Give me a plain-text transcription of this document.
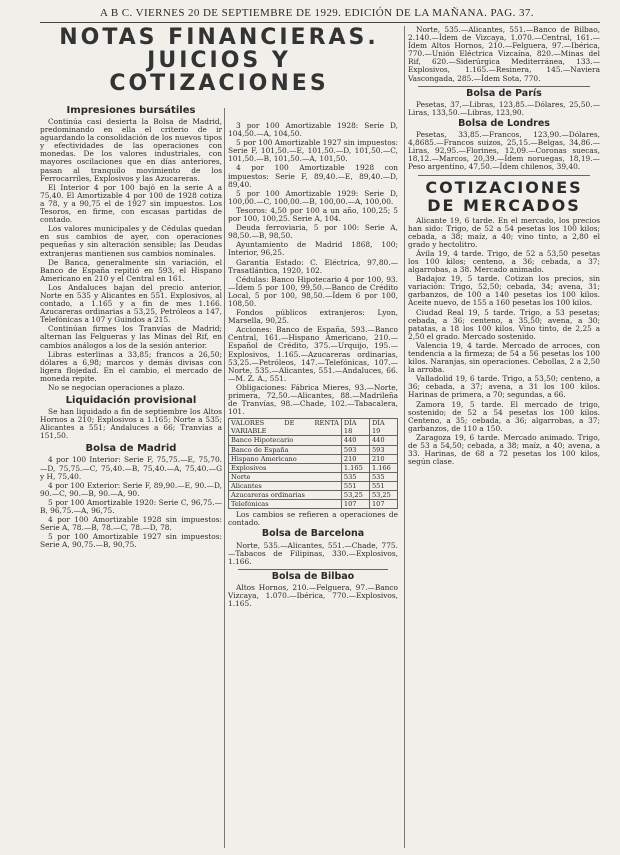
A B C. VIERNES 20 DE SEPTIEMBRE DE 1929. EDICIÓN DE LA MAÑANA. PAG. 37.
NOTAS FINANCIERAS. JUICIOS Y COTIZACIONES
Impresiones bursátiles

Continúa casi desierta la Bolsa de Madrid, predominando en ella el criterio de ir aguardando la consolidación de los nuevos tipos y efectividades de las operaciones con monedas. De los valores industriales, con mayores oscilaciones que en días anteriores, pasan al tranquilo movimiento de los Ferrocarriles, Explosivos y las Azucareras.

El Interior 4 por 100 bajó en la serie A a 75,40. El Amortizable 4 por 100 de 1928 cotiza a 78, y a 90,75 el de 1927 sin impuestos. Los Tesoros, en firme, con escasas partidas de contado.

Los valores municipales y de Cédulas quedan en sus cambios de ayer, con operaciones pequeñas y sin alteración sensible; las Deudas extranjeras mantienen sus cambios nominales.

De Banca, generalmente sin variación, el Banco de España repitió en 593, el Hispano Americano en 210 y el Central en 161.

Los Andaluces bajan del precio anterior, Norte en 535 y Alicantes en 551. Explosivos, al contado, a 1.165 y a fin de mes 1.166. Azucareras ordinarias a 53,25, Petróleos a 147, Telefónicas a 107 y Guindos a 215.

Continúan firmes los Tranvías de Madrid; alternan las Felgueras y las Minas del Rif, en cambios análogos a los de la sesión anterior.

Libras esterlinas a 33,85; francos a 26,50; dólares a 6,98; marcos y demás divisas con ligera flojedad. En el cambio, el mercado de moneda repite.

No se negocian operaciones a plazo.

Liquidación provisional

Se han liquidado a fin de septiembre los Altos Hornos a 210; Explosivos a 1.165; Norte a 535; Alicantes a 551; Andaluces a 66; Tranvías a 151,50.

Bolsa de Madrid

4 por 100 Interior: Serie F, 75,75.—E, 75,70.—D, 75,75.—C, 75,40.—B, 75,40.—A, 75,40.—G y H, 75,40.

4 por 100 Exterior: Serie F, 89,90.—E, 90.—D, 90.—C, 90.—B, 90.—A, 90.

5 por 100 Amortizable 1920: Serie C, 96,75.—B, 96,75.—A, 96,75.

4 por 100 Amortizable 1928 sin impuestos: Serie A, 78.—B, 78.—C, 78.—D, 78.

5 por 100 Amortizable 1927 sin impuestos: Serie A, 90,75.—B, 90,75.

3 por 100 Amortizable 1928: Serie D, 104,50.—A, 104,50.

5 por 100 Amortizable 1927 sin impuestos: Serie F, 101,50.—E, 101,50.—D, 101,50.—C, 101,50.—B, 101,50.—A, 101,50.

4 por 100 Amortizable 1928 con impuestos: Serie F, 89,40.—E, 89,40.—D, 89,40.

5 por 100 Amortizable 1929: Serie D, 100,00.—C, 100,00.—B, 100,00.—A, 100,00.

Tesoros: 4,50 por 100 a un año, 100,25; 5 por 100, 100,25. Serie A, 104.

Deuda ferroviaria, 5 por 100: Serie A, 98,50.—B, 98,50.

Ayuntamiento de Madrid 1868, 100; Interior, 96,25.

Garantía Estado: C. Eléctrica, 97,80.—Trasatlántica, 1920, 102.

Cédulas: Banco Hipotecario 4 por 100, 93.—Ídem 5 por 100, 99,50.—Banco de Crédito Local, 5 por 100, 98,50.—Ídem 6 por 100, 108,50.

Fondos públicos extranjeros: Lyon, Marsella, 90,25.

Acciones: Banco de España, 593.—Banco Central, 161.—Hispano Americano, 210.—Español de Crédito, 375.—Urquijo, 195.—Explosivos, 1.165.—Azucareras ordinarias, 53,25.—Petróleos, 147.—Telefónicas, 107.—Norte, 535.—Alicantes, 551.—Andaluces, 66.—M. Z. A., 551.

Obligaciones: Fábrica Mieres, 93.—Norte, primera, 72,50.—Alicantes, 88.—Madrileña de Tranvías, 98.—Chade, 102.—Tabacalera, 101.

VALORES DE RENTA VARIABLE	DÍA 18	DÍA 19
Banco Hipotecario	440	440
Banco de España	593	593
Hispano Americano	210	210
Explosivos	1.165	1.166
Norte	535	535
Alicantes	551	551
Azucareras ordinarias	53,25	53,25
Telefónicas	107	107

Los cambios se refieren a operaciones de contado.

Bolsa de Barcelona

Norte, 535.—Alicantes, 551.—Chade, 775.—Tabacos de Filipinas, 330.—Explosivos, 1.166.

Bolsa de Bilbao

Altos Hornos, 210.—Felguera, 97.—Banco Vizcaya, 1.070.—Ibérica, 770.—Explosivos, 1.165.

Norte, 535.—Alicantes, 551.—Banco de Bilbao, 2.140.—Ídem de Vizcaya, 1.070.—Central, 161.—Ídem Altos Hornos, 210.—Felguera, 97.—Ibérica, 770.—Unión Eléctrica Vizcaína, 820.—Minas del Rif, 620.—Siderúrgica Mediterránea, 133.—Explosivos, 1.165.—Resinera, 145.—Naviera Vascongada, 285.—Ídem Sota, 770.

Bolsa de París

Pesetas, 37,—Libras, 123,85.—Dólares, 25,50.—Liras, 133,50.—Libras, 123,90.

Bolsa de Londres

Pesetas, 33,85.—Francos, 123,90.—Dólares, 4,8685.—Francos suizos, 25,15.—Belgas, 34,86.—Liras, 92,95.—Florines, 12,09.—Coronas suecas, 18,12.—Marcos, 20,39.—Ídem noruegas, 18,19.—Peso argentino, 47,50.—Ídem chilenos, 39,40.

COTIZACIONES DE MERCADOS

Alicante 19, 6 tarde. En el mercado, los precios han sido: Trigo, de 52 a 54 pesetas los 100 kilos; cebada, a 38; maíz, a 40; vino tinto, a 2,80 el grado y hectolitro.

Ávila 19, 4 tarde. Trigo, de 52 a 53,50 pesetas los 100 kilos; centeno, a 36; cebada, a 37; algarrobas, a 38. Mercado animado.

Badajoz 19, 5 tarde. Cotizan los precios, sin variación: Trigo, 52,50; cebada, 34; avena, 31; garbanzos, de 100 a 140 pesetas los 100 kilos. Aceite nuevo, de 155 a 160 pesetas los 100 kilos.

Ciudad Real 19, 5 tarde. Trigo, a 53 pesetas; cebada, a 36; centeno, a 35,50; avena, a 30; patatas, a 18 los 100 kilos. Vino tinto, de 2,25 a 2,50 el grado. Mercado sostenido.

Valencia 19, 4 tarde. Mercado de arroces, con tendencia a la firmeza; de 54 a 56 pesetas los 100 kilos. Naranjas, sin operaciones. Cebollas, 2 a 2,50 la arroba.

Valladolid 19, 6 tarde. Trigo, a 53,50; centeno, a 36; cebada, a 37; avena, a 31 los 100 kilos. Harinas de primera, a 70; segundas, a 66.

Zamora 19, 5 tarde. El mercado de trigo, sostenido; de 52 a 54 pesetas los 100 kilos. Centeno, a 35; cebada, a 36; algarrobas, a 37; garbanzos, de 110 a 150.

Zaragoza 19, 6 tarde. Mercado animado. Trigo, de 53 a 54,50; cebada, a 38; maíz, a 40; avena, a 33. Harinas, de 68 a 72 pesetas los 100 kilos, según clase.
